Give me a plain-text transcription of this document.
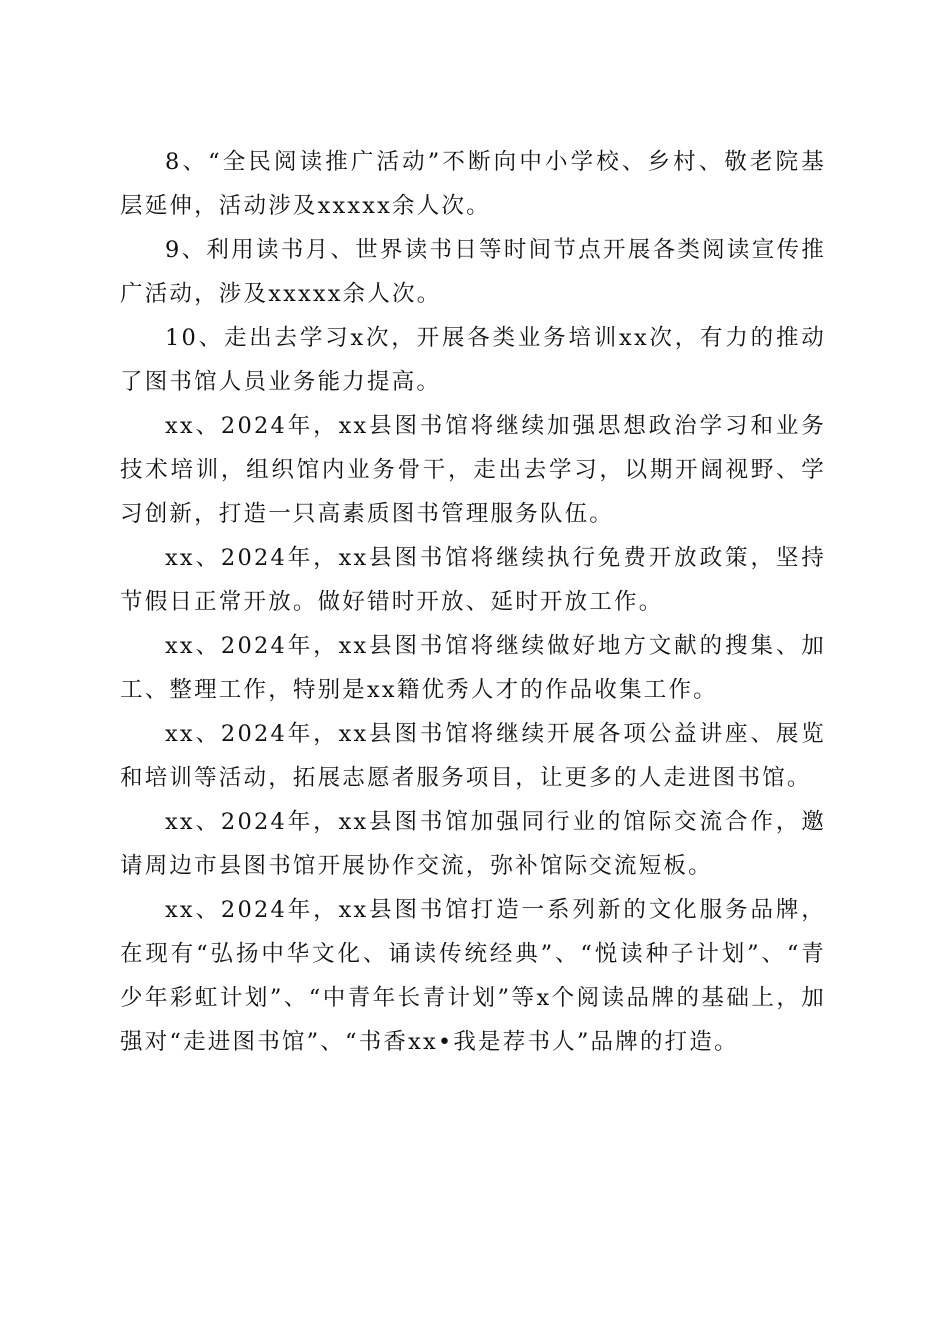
8、“全民阅读推广活动”不断向中小学校、乡村、敬老院基层延伸，活动涉及xxxxx余人次。

9、利用读书月、世界读书日等时间节点开展各类阅读宣传推广活动，涉及xxxxx余人次。

10、走出去学习x次，开展各类业务培训xx次，有力的推动了图书馆人员业务能力提高。

xx、2024年，xx县图书馆将继续加强思想政治学习和业务技术培训，组织馆内业务骨干，走出去学习，以期开阔视野、学习创新，打造一只高素质图书管理服务队伍。

xx、2024年，xx县图书馆将继续执行免费开放政策，坚持节假日正常开放。做好错时开放、延时开放工作。

xx、2024年，xx县图书馆将继续做好地方文献的搜集、加工、整理工作，特别是xx籍优秀人才的作品收集工作。

xx、2024年，xx县图书馆将继续开展各项公益讲座、展览和培训等活动，拓展志愿者服务项目，让更多的人走进图书馆。

xx、2024年，xx县图书馆加强同行业的馆际交流合作，邀请周边市县图书馆开展协作交流，弥补馆际交流短板。

xx、2024年，xx县图书馆打造一系列新的文化服务品牌，在现有“弘扬中华文化、诵读传统经典”、“悦读种子计划”、“青少年彩虹计划”、“中青年长青计划”等x个阅读品牌的基础上，加强对“走进图书馆”、“书香xx•我是荐书人”品牌的打造。
